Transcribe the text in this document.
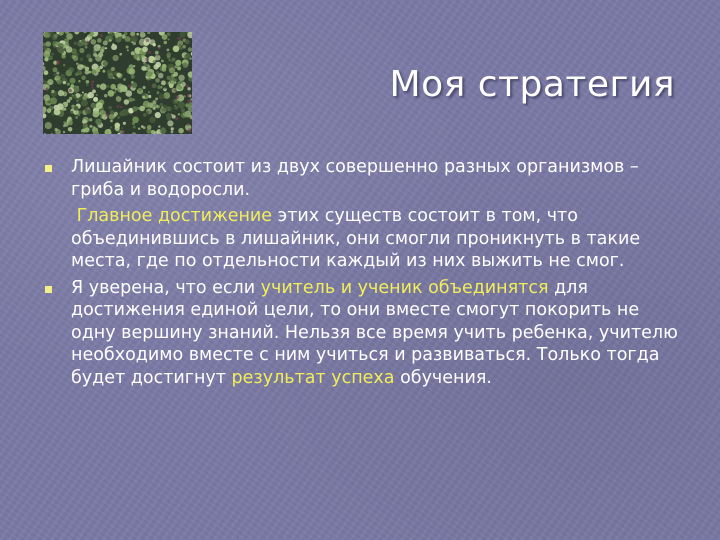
Моя стратегия
Лишайник состоит из двух совершенно разных организмов – гриба и водоросли.
Главное достижение этих существ состоит в том, что объединившись в лишайник, они смогли проникнуть в такие места, где по отдельности каждый из них выжить не смог.
Я уверена, что если учитель и ученик объединятся для достижения единой цели, то они вместе смогут покорить не одну вершину знаний. Нельзя все время учить ребенка, учителю необходимо вместе с ним учиться и развиваться. Только тогда будет достигнут результат успеха обучения.
